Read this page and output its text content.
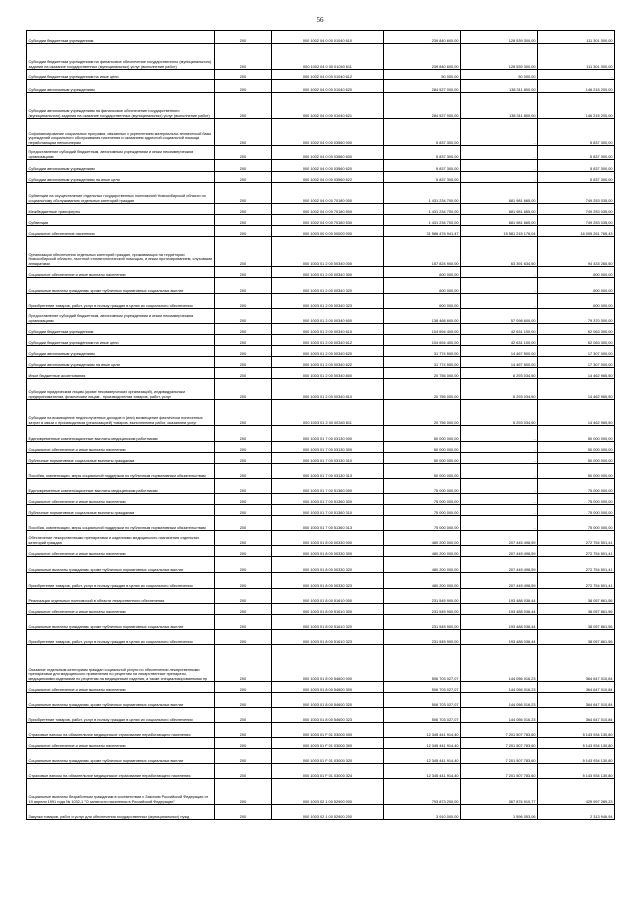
56
Субсидии бюджетным учреждениям	200	000 1002 04 0 00 01040 610	239 840 600,00	128 539 300,00	111 301 300,00
Субсидии бюджетным учреждениям на финансовое обеспечение государственного (муниципального) задания на оказание государственных (муниципальных) услуг (выполнение работ)	200	000 1002 04 0 00 01040 611	239 840 600,00	128 539 300,00	111 301 300,00
Субсидии бюджетным учреждениям на иные цели	200	000 1002 04 0 00 01040 612	50 000,00	50 000,00	-
Субсидии автономным учреждениям	200	000 1002 04 0 00 01040 620	284 527 000,00	138 311 800,00	146 215 200,00
Субсидии автономным учреждениям на финансовое обеспечение государственного (муниципального) задания на оказание государственных (муниципальных) услуг (выполнение работ)	200	000 1002 04 0 00 01040 621	284 527 000,00	138 311 800,00	146 215 200,00
Софинансирование социальных программ, связанных с укреплением материально-технической базы учреждений социального обслуживания населения и оказанием адресной социальной помощи неработающим пенсионерам	200	000 1002 04 0 00 03560 000	5 837 300,00	-	5 837 300,00
Предоставление субсидий бюджетным, автономным учреждениям и иным некоммерческим организациям	200	000 1002 04 0 00 03560 600	5 837 300,00	-	5 837 300,00
Субсидии автономным учреждениям	200	000 1002 04 0 00 03560 620	5 837 300,00	-	5 837 300,00
Субсидии автономным учреждениям на иные цели	200	000 1002 04 0 00 03560 622	5 837 300,00	-	5 837 300,00
Субвенции на осуществление отдельных государственных полномочий Новосибирской области по социальному обслуживанию отдельных категорий граждан	200	000 1002 04 0 00 70180 000	1 431 234 700,00	681 981 665,00	749 253 035,00
Межбюджетные трансферты	200	000 1002 04 0 00 70180 500	1 431 234 700,00	681 981 665,00	749 253 035,00
Субвенции	200	000 1002 04 0 00 70180 530	1 431 234 700,00	681 981 665,00	749 253 035,00
Социальное обеспечение населения	200	000 1003 00 0 00 00000 000	31 586 476 941,47	15 581 215 176,04	16 005 261 765,43
Организация обеспечения отдельных категорий граждан, проживающих на территории Новосибирской области, льготной стоматологической помощью, и иным протезированием, слуховыми аппаратами	200	000 1003 01 2 00 00340 000	157 824 900,00	63 391 634,50	94 433 265,50
Социальное обеспечение и иные выплаты населению	200	000 1003 01 2 00 00340 300	600 000,00	-	600 000,00
Социальные выплаты гражданам, кроме публичных нормативных социальных выплат	200	000 1003 01 2 00 00340 320	600 000,00	-	600 000,00
Приобретение товаров, работ, услуг в пользу граждан в целях их социального обеспечения	200	000 1003 01 2 00 00340 323	600 000,00	-	600 000,00
Предоставление субсидий бюджетным, автономным учреждениям и иным некоммерческим организациям	200	000 1003 01 2 00 00340 600	136 468 600,00	57 098 600,00	79 370 300,00
Субсидии бюджетным учреждениям	200	000 1003 01 2 00 00340 610	104 694 400,00	42 631 100,00	62 063 300,00
Субсидии бюджетным учреждениям на иные цели	200	000 1003 01 2 00 00340 612	104 694 400,00	42 631 100,00	62 063 300,00
Субсидии автономным учреждениям	200	000 1003 01 2 00 00340 620	31 774 500,00	14 467 500,00	17 307 000,00
Субсидии автономным учреждениям на иные цели	200	000 1003 01 2 00 00340 622	31 774 500,00	14 467 500,00	17 307 000,00
Иные бюджетные ассигнования	200	000 1003 01 2 00 00340 800	20 756 000,00	6 293 034,50	14 462 965,50
Субсидии юридическим лицам (кроме некоммерческих организаций), индивидуальным предпринимателям, физическим лицам - производителям товаров, работ, услуг	200	000 1003 01 2 00 00340 810	20 756 000,00	6 293 034,50	14 462 965,50
Субсидии на возмещение недополученных доходов и (или) возмещение фактически понесенных затрат в связи с производством (реализацией) товаров, выполнением работ, оказанием услуг	200	000 1003 01 2 00 00340 811	20 756 000,00	6 293 034,50	14 462 965,50
Единовременные компенсационные выплаты медицинским работникам	200	000 1003 01 7 00 03130 000	50 000 000,00	-	50 000 000,00
Социальное обеспечение и иные выплаты населению	200	000 1003 01 7 00 03130 300	50 000 000,00	-	50 000 000,00
Публичные нормативные социальные выплаты гражданам	200	000 1003 01 7 00 03130 310	50 000 000,00	-	50 000 000,00
Пособия, компенсации, меры социальной поддержки по публичным нормативным обязательствам	200	000 1003 01 7 00 03130 313	50 000 000,00	-	50 000 000,00
Единовременные компенсационные выплаты медицинским работникам	200	000 1003 01 7 00 51360 000	75 000 000,00	-	75 000 000,00
Социальное обеспечение и иные выплаты населению	200	000 1003 01 7 00 51360 300	75 000 000,00	-	75 000 000,00
Публичные нормативные социальные выплаты гражданам	200	000 1003 01 7 00 51360 310	75 000 000,00	-	75 000 000,00
Пособия, компенсации, меры социальной поддержки по публичным нормативным обязательствам	200	000 1003 01 7 00 51360 313	75 000 000,00	-	75 000 000,00
Обеспечение лекарственными препаратами и изделиями медицинского назначения отдельных категорий граждан	200	000 1003 01 8 00 00330 000	480 200 000,00	207 445 498,59	272 754 501,41
Социальное обеспечение и иные выплаты населению	200	000 1003 01 8 00 00330 300	480 200 000,00	207 445 498,59	272 754 501,41
Социальные выплаты гражданам, кроме публичных нормативных социальных выплат	200	000 1003 01 8 00 00330 320	480 200 000,00	207 445 498,59	272 754 501,41
Приобретение товаров, работ, услуг в пользу граждан в целях их социального обеспечения	200	000 1003 01 8 00 00330 323	480 200 000,00	207 445 498,59	272 754 501,41
Реализация отдельных полномочий в области лекарственного обеспечения	200	000 1003 01 8 00 51610 000	231 545 900,00	193 488 038,44	38 057 861,56
Социальное обеспечение и иные выплаты населению	200	000 1003 01 8 00 51610 300	231 545 900,00	193 488 038,44	38 057 861,56
Социальные выплаты гражданам, кроме публичных нормативных социальных выплат	200	000 1003 01 8 00 51610 320	231 545 900,00	193 488 038,44	38 057 861,56
Приобретение товаров, работ, услуг в пользу граждан в целях их социального обеспечения	200	000 1003 01 8 00 51610 323	231 545 900,00	193 488 038,44	38 057 861,56
Оказание отдельным категориям граждан социальной услуги по обеспечению лекарственными препаратами для медицинского применения по рецептам на лекарственные препараты, медицинскими изделиями по рецептам на медицинские изделия, а также специализированными пр	200	000 1003 01 8 00 54600 000	506 703 027,07	144 056 016,23	364 647 010,84
Социальное обеспечение и иные выплаты населению	200	000 1003 01 8 00 54600 300	506 703 027,07	144 056 016,23	364 647 010,84
Социальные выплаты гражданам, кроме публичных нормативных социальных выплат	200	000 1003 01 8 00 54600 320	506 703 027,07	144 056 016,23	364 647 010,84
Приобретение товаров, работ, услуг в пользу граждан в целях их социального обеспечения	200	000 1003 01 8 00 54600 323	506 703 027,07	144 056 016,23	364 647 010,84
Страховые взносы на обязательное медицинское страхование неработающего населения	200	000 1003 01 F 01 03000 000	12 345 441 914,40	7 201 507 783,60	5 143 934 130,80
Социальное обеспечение и иные выплаты населению	200	000 1003 01 F 01 03000 300	12 345 441 914,40	7 201 507 783,60	5 143 934 130,80
Социальные выплаты гражданам, кроме публичных нормативных социальных выплат	200	000 1003 01 F 01 03000 320	12 345 441 914,40	7 201 507 783,60	5 143 934 130,80
Страховые взносы на обязательное медицинское страхование неработающего населения	200	000 1003 01 F 01 03000 324	12 345 441 914,40	7 201 507 783,60	5 143 934 130,80
Социальные выплаты безработным гражданам в соответствии с Законом Российской Федерации от 19 апреля 1991 года № 1032-1 "О занятости населения в Российской Федерации"	200	000 1003 02 1 00 52900 000	793 873 200,00	367 876 910,77	425 997 289,23
Закупка товаров, работ и услуг для обеспечения государственных (муниципальных) нужд	200	000 1003 02 1 00 52900 200	3 910 000,00	1 596 053,06	2 313 946,94
